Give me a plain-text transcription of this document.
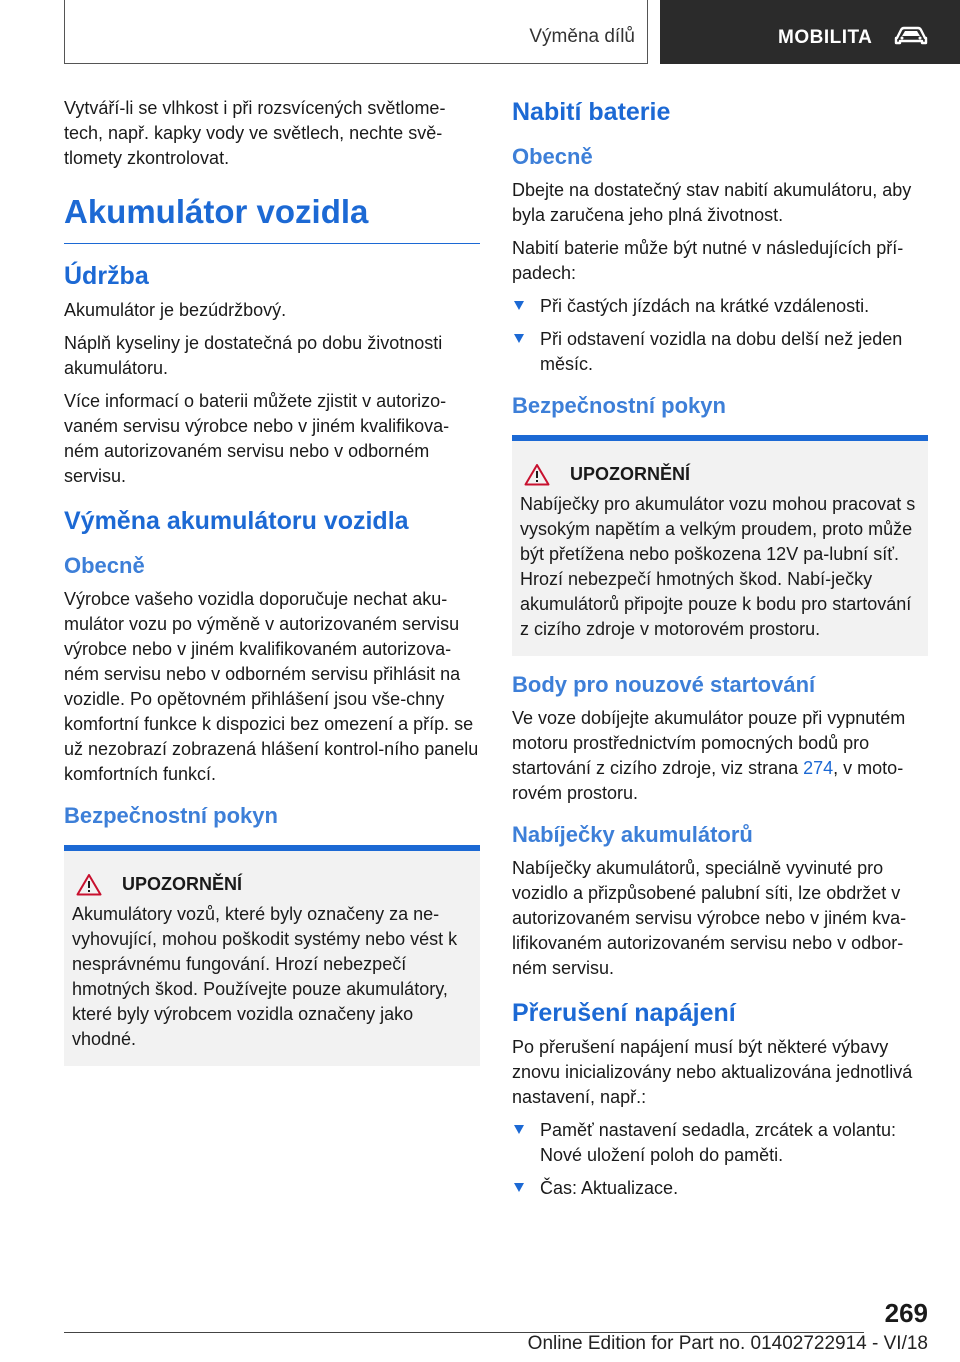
Výměna dílů	MOBILITA

Vytváří-li se vlhkost i při rozsvícených světlome-tech, např. kapky vody ve světlech, nechte svě-tlomety zkontrolovat.

Akumulátor vozidla
Údržba

Akumulátor je bezúdržbový.

Náplň kyseliny je dostatečná po dobu životnosti akumulátoru.

Více informací o baterii můžete zjistit v autorizo-vaném servisu výrobce nebo v jiném kvalifikova-ném autorizovaném servisu nebo v odborném servisu.

Výměna akumulátoru vozidla
Obecně

Výrobce vašeho vozidla doporučuje nechat aku-mulátor vozu po výměně v autorizovaném servisu výrobce nebo v jiném kvalifikovaném autorizova-ném servisu nebo v odborném servisu přihlásit na vozidle. Po opětovném přihlášení jsou vše-chny komfortní funkce k dispozici bez omezení a příp. se už nezobrazí zobrazená hlášení kontrol-ního panelu komfortních funkcí.

Bezpečnostní pokyn
UPOZORNĚNÍ

Akumulátory vozů, které byly označeny za ne-vyhovující, mohou poškodit systémy nebo vést k nesprávnému fungování. Hrozí nebezpečí hmotných škod. Používejte pouze akumulátory, které byly výrobcem vozidla označeny jako vhodné.

Nabití baterie
Obecně

Dbejte na dostatečný stav nabití akumulátoru, aby byla zaručena jeho plná životnost.

Nabití baterie může být nutné v následujících pří-padech:

Při častých jízdách na krátké vzdálenosti.
Při odstavení vozidla na dobu delší než jeden měsíc.
Bezpečnostní pokyn
UPOZORNĚNÍ

Nabíječky pro akumulátor vozu mohou pracovat s vysokým napětím a velkým proudem, proto může být přetížena nebo poškozena 12V pa-lubní síť. Hrozí nebezpečí hmotných škod. Nabí-ječky akumulátorů připojte pouze k bodu pro startování z cizího zdroje v motorovém prostoru.

Body pro nouzové startování

Ve voze dobíjejte akumulátor pouze při vypnutém motoru prostřednictvím pomocných bodů pro startování z cizího zdroje, viz strana 274, v moto-rovém prostoru.

Nabíječky akumulátorů

Nabíječky akumulátorů, speciálně vyvinuté pro vozidlo a přizpůsobené palubní síti, lze obdržet v autorizovaném servisu výrobce nebo v jiném kva-lifikovaném autorizovaném servisu nebo v odbor-ném servisu.

Přerušení napájení

Po přerušení napájení musí být některé výbavy znovu inicializovány nebo aktualizována jednotlivá nastavení, např.:

Paměť nastavení sedadla, zrcátek a volantu: Nové uložení poloh do paměti.
Čas: Aktualizace.
269
Online Edition for Part no. 01402722914 - VI/18
